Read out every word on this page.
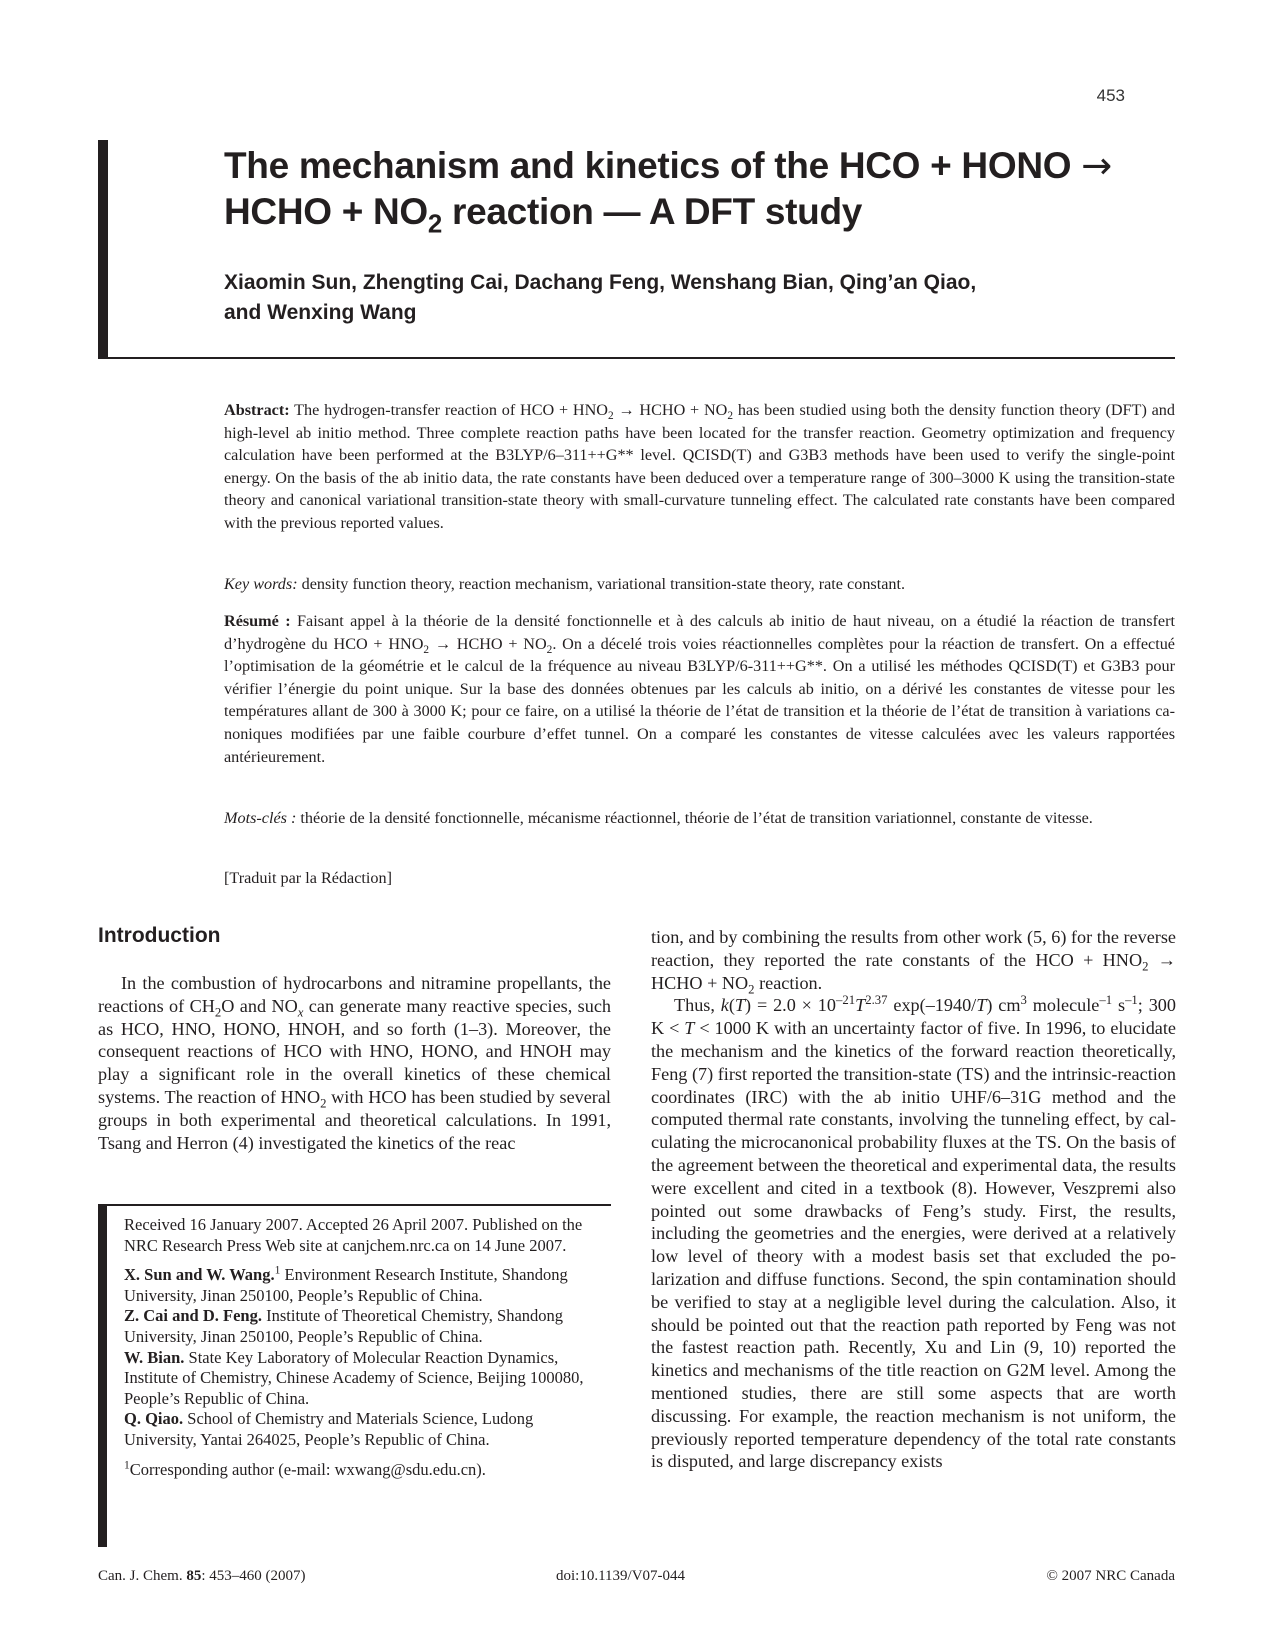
453
The mechanism and kinetics of the HCO + HONO →
HCHO + $NO_2$ reaction — A DFT study
Xiaomin Sun, Zhengting Cai, Dachang Feng, Wenshang Bian, Qing’an Qiao,
and Wenxing Wang
Abstract: The hydrogen-transfer reaction of HCO + $HNO_2$ → HCHO + $NO_2$ has been studied using both the density function theory (DFT) and high-level ab initio method. Three complete reaction paths have been located for the transfer reaction. Geometry optimization and frequency calculation have been performed at the B3LYP/6–311++G** level. QCISD(T) and G3B3 methods have been used to verify the single-point energy. On the basis of the ab initio data, the rate constants have been deduced over a temperature range of 300–3000 K using the transition-state theory and canonical variational transition-state theory with small-curvature tunneling effect. The calculated rate constants have been compared with the previous reported values.
Key words: density function theory, reaction mechanism, variational transition-state theory, rate constant.
Résumé : Faisant appel à la théorie de la densité fonctionnelle et à des calculs ab initio de haut niveau, on a étudié la réaction de transfert d’hydrogène du HCO + $HNO_2$ → HCHO + $NO_2$. On a décelé trois voies réactionnelles complètes pour la réaction de transfert. On a effectué l’optimisation de la géométrie et le calcul de la fréquence au niveau B3LYP/6-311++G**. On a utilisé les méthodes QCISD(T) et G3B3 pour vérifier l’énergie du point unique. Sur la base des données obtenues par les calculs ab initio, on a dérivé les constantes de vitesse pour les températures allant de 300 à 3000 K; pour ce faire, on a utilisé la théorie de l’état de transition et la théorie de l’état de transition à variations canoniques modifiées par une faible courbure d’effet tunnel. On a comparé les constantes de vitesse calculées avec les valeurs rapportées antérieurement.
Mots-clés : théorie de la densité fonctionnelle, mécanisme réactionnel, théorie de l’état de transition variationnel, constante de vitesse.
[Traduit par la Rédaction]
Introduction
In the combustion of hydrocarbons and nitramine propellants, the reactions of $CH_2O$ and $NO_x$ can generate many reactive species, such as HCO, HNO, HONO, HNOH, and so forth (1–3). Moreover, the consequent reactions of HCO with HNO, HONO, and HNOH may play a significant role in the overall kinetics of these chemical systems. The reaction of $HNO_2$ with HCO has been studied by several groups in both experimental and theoretical calculations. In 1991, Tsang and Herron (4) investigated the kinetics of the reac

Received 16 January 2007. Accepted 26 April 2007. Published on the NRC Research Press Web site at canjchem.nrc.ca on 14 June 2007.

X. Sun and W. Wang.$^1$ Environment Research Institute, Shandong University, Jinan 250100, People’s Republic of China.

Z. Cai and D. Feng. Institute of Theoretical Chemistry, Shandong University, Jinan 250100, People’s Republic of China.

W. Bian. State Key Laboratory of Molecular Reaction Dynamics, Institute of Chemistry, Chinese Academy of Science, Beijing 100080, People’s Republic of China.

Q. Qiao. School of Chemistry and Materials Science, Ludong University, Yantai 264025, People’s Republic of China.

$^1$Corresponding author (e-mail: wxwang@sdu.edu.cn).

tion, and by combining the results from other work (5, 6) for the reverse reaction, they reported the rate constants of the HCO + $HNO_2$ → HCHO + $NO_2$ reaction.

Thus, $k(T) = 2.0 \times 10^{-21}T^{2.37}$ exp(–1940/T) $cm^3$ molecule$^{-1}$ $s^{-1}$; 300 K < T < 1000 K with an uncertainty factor of five. In 1996, to elucidate the mechanism and the kinetics of the forward reaction theoretically, Feng (7) first reported the transition-state (TS) and the intrinsic-reaction coordinates (IRC) with the ab initio UHF/6–31G method and the computed thermal rate constants, involving the tunneling effect, by calculating the microcanonical probability fluxes at the TS. On the basis of the agreement between the theoretical and experimental data, the results were excellent and cited in a textbook (8). However, Veszpremi also pointed out some drawbacks of Feng’s study. First, the results, including the geometries and the energies, were derived at a relatively low level of theory with a modest basis set that excluded the polarization and diffuse functions. Second, the spin contamination should be verified to stay at a negligible level during the calculation. Also, it should be pointed out that the reaction path reported by Feng was not the fastest reaction path. Recently, Xu and Lin (9, 10) reported the kinetics and mechanisms of the title reaction on G2M level. Among the mentioned studies, there are still some aspects that are worth discussing. For example, the reaction mechanism is not uniform, the previously reported temperature dependency of the total rate constants is disputed, and large discrepancy exists

Can. J. Chem. 85: 453–460 (2007)	doi:10.1139/V07-044	© 2007 NRC Canada
